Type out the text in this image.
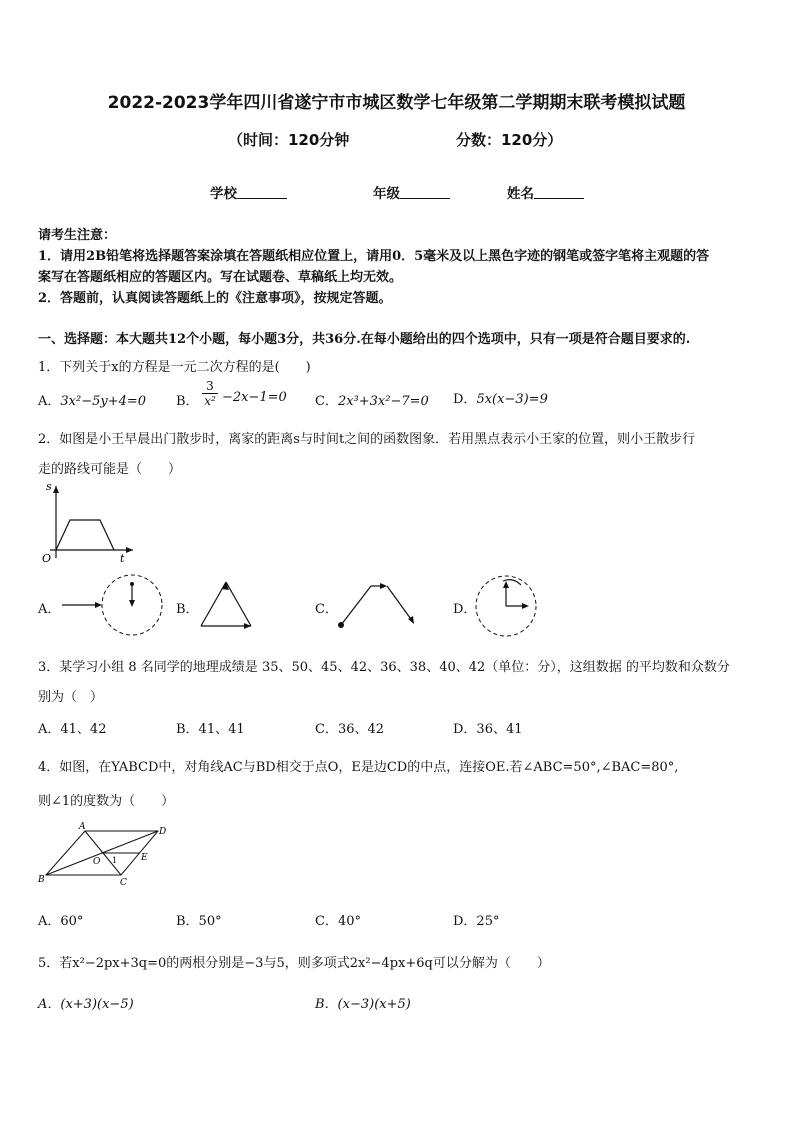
2022-2023学年四川省遂宁市市城区数学七年级第二学期期末联考模拟试题
（时间：120分钟	分数：120分）
学校	年级	姓名
请考生注意：
1．请用2B铅笔将选择题答案涂填在答题纸相应位置上，请用0．5毫米及以上黑色字迹的钢笔或签字笔将主观题的答
案写在答题纸相应的答题区内。写在试题卷、草稿纸上均无效。
2．答题前，认真阅读答题纸上的《注意事项》，按规定答题。
一、选择题：本大题共12个小题，每小题3分，共36分.在每小题给出的四个选项中，只有一项是符合题目要求的.
1．下列关于x的方程是一元二次方程的是(　　)
A．3x²−5y+4=0 B．
3
x² −2x−1=0 C．2x³+3x²−7=0 D．5x(x−3)=9
2．如图是小王早晨出门散步时，离家的距离s与时间t之间的函数图象．若用黑点表示小王家的位置，则小王散步行
走的路线可能是（　　）
s
O	t
A．	B．	C．	D．
3．某学习小组 8 名同学的地理成绩是 35、50、45、42、36、38、40、42（单位：分），这组数据 的平均数和众数分
别为（　）
A．41、42	B．41、41	C．36、42	D．36、41
4．如图，在YABCD中，对角线AC与BD相交于点O，E是边CD的中点，连接OE.若∠ABC=50°,∠BAC=80°,
则∠1的度数为（　　）
A	D
B	C
O	E
1
A．60°	B．50°	C．40°	D．25°
5．若x²−2px+3q=0的两根分别是−3与5，则多项式2x²−4px+6q可以分解为（　　）
A．(x+3)(x−5)	B．(x−3)(x+5)
